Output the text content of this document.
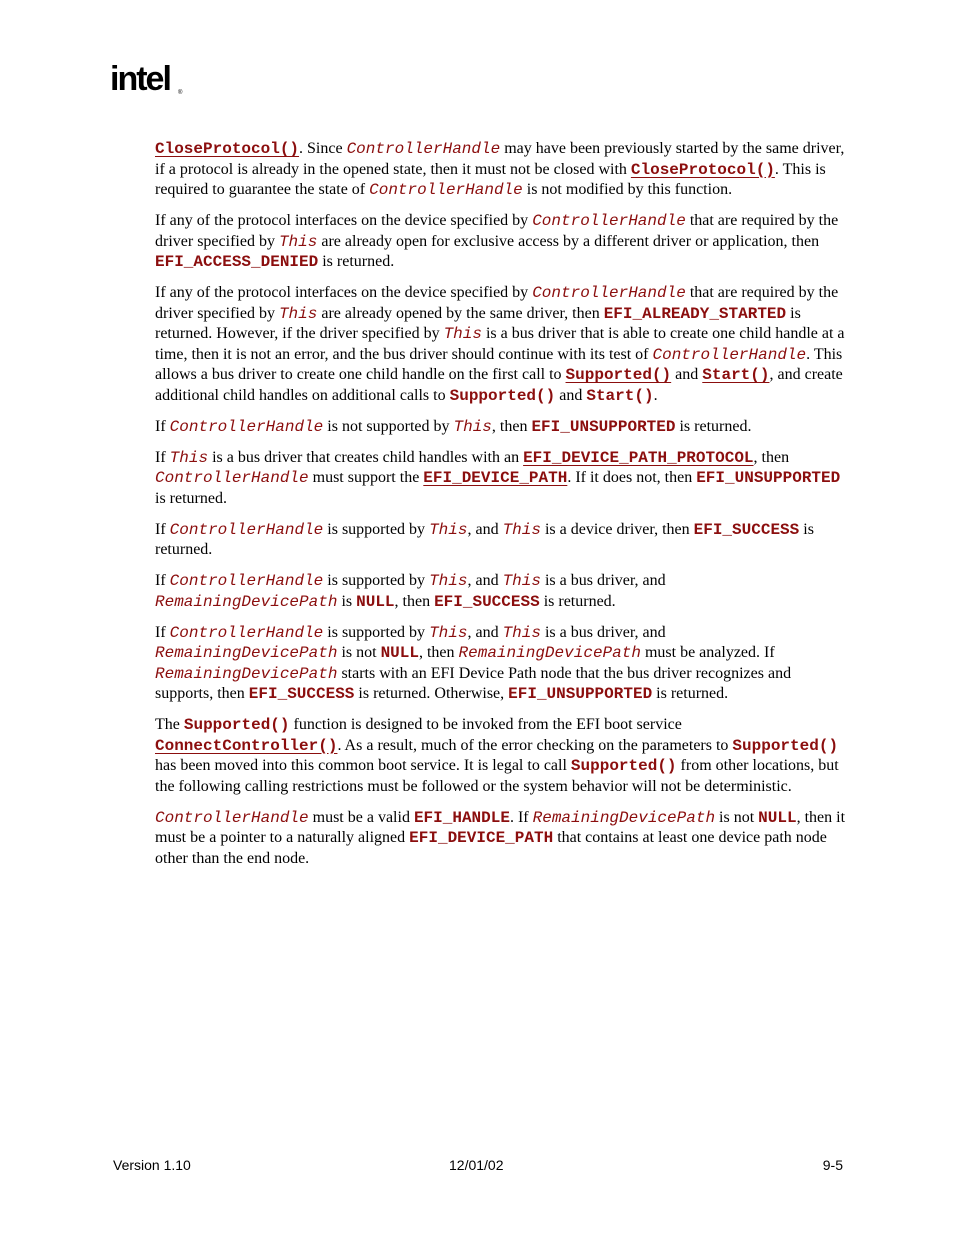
intel ®

CloseProtocol(). Since ControllerHandle may have been previously started by the same driver, if a protocol is already in the opened state, then it must not be closed with CloseProtocol(). This is required to guarantee the state of ControllerHandle is not modified by this function.

If any of the protocol interfaces on the device specified by ControllerHandle that are required by the driver specified by This are already open for exclusive access by a different driver or application, then EFI_ACCESS_DENIED is returned.

If any of the protocol interfaces on the device specified by ControllerHandle that are required by the driver specified by This are already opened by the same driver, then EFI_ALREADY_STARTED is returned. However, if the driver specified by This is a bus driver that is able to create one child handle at a time, then it is not an error, and the bus driver should continue with its test of ControllerHandle. This allows a bus driver to create one child handle on the first call to Supported() and Start(), and create additional child handles on additional calls to Supported() and Start().

If ControllerHandle is not supported by This, then EFI_UNSUPPORTED is returned.

If This is a bus driver that creates child handles with an EFI_DEVICE_PATH_PROTOCOL, then ControllerHandle must support the EFI_DEVICE_PATH. If it does not, then EFI_UNSUPPORTED is returned.

If ControllerHandle is supported by This, and This is a device driver, then EFI_SUCCESS is returned.

If ControllerHandle is supported by This, and This is a bus driver, and RemainingDevicePath is NULL, then EFI_SUCCESS is returned.

If ControllerHandle is supported by This, and This is a bus driver, and RemainingDevicePath is not NULL, then RemainingDevicePath must be analyzed. If RemainingDevicePath starts with an EFI Device Path node that the bus driver recognizes and supports, then EFI_SUCCESS is returned. Otherwise, EFI_UNSUPPORTED is returned.

The Supported() function is designed to be invoked from the EFI boot service ConnectController(). As a result, much of the error checking on the parameters to Supported() has been moved into this common boot service. It is legal to call Supported() from other locations, but the following calling restrictions must be followed or the system behavior will not be deterministic.

ControllerHandle must be a valid EFI_HANDLE. If RemainingDevicePath is not NULL, then it must be a pointer to a naturally aligned EFI_DEVICE_PATH that contains at least one device path node other than the end node.

Version 1.10	12/01/02	9-5
